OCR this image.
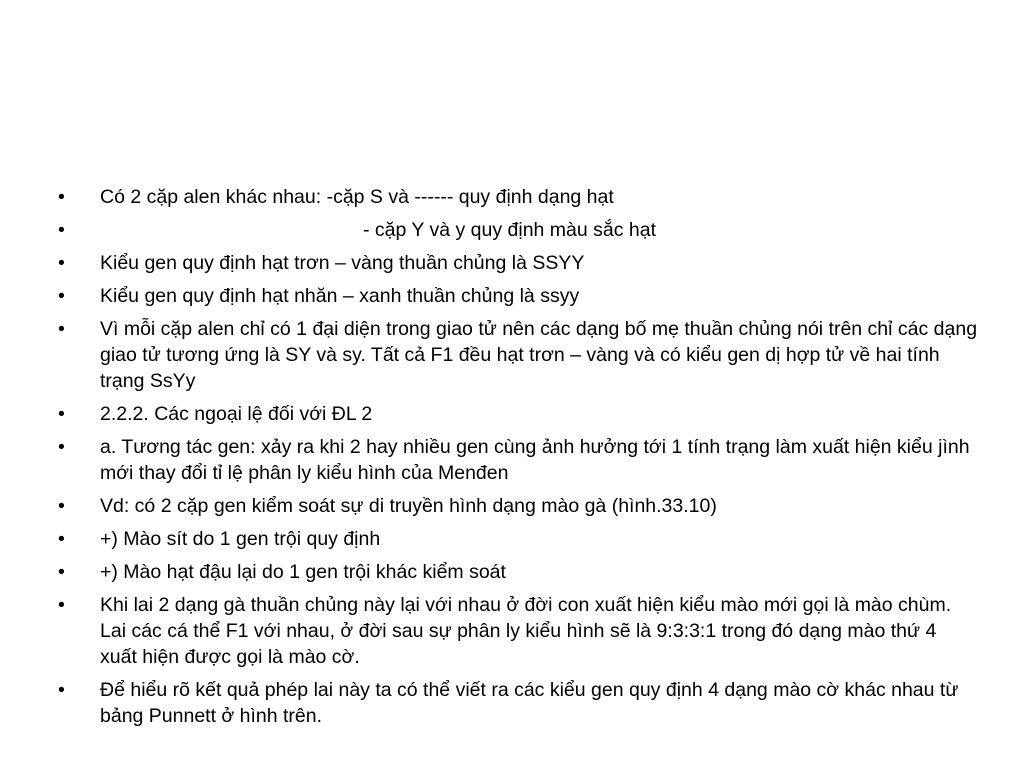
•	Có 2 cặp alen khác nhau: -cặp S và ------ quy định dạng hạt
•	- cặp Y và y quy định màu sắc hạt
•	Kiểu gen quy định hạt trơn – vàng thuần chủng là SSYY
•	Kiểu gen quy định hạt nhăn – xanh thuần chủng là ssyy
•	Vì mỗi cặp alen chỉ có 1 đại diện trong giao tử nên các dạng bố mẹ thuần chủng nói trên chỉ các dạng giao tử tương ứng là SY và sy. Tất cả F1 đều hạt trơn – vàng và có kiểu gen dị hợp tử về hai tính trạng SsYy
•	2.2.2. Các ngoại lệ đối với ĐL 2
•	a. Tương tác gen: xảy ra khi 2 hay nhiều gen cùng ảnh hưởng tới 1 tính trạng làm xuất hiện kiểu jình mới thay đổi tỉ lệ phân ly kiểu hình của Menđen
•	Vd: có 2 cặp gen kiểm soát sự di truyền hình dạng mào gà (hình.33.10)
•	+) Mào sít do 1 gen trội quy định
•	+) Mào hạt đậu lại do 1 gen trội khác kiểm soát
•	Khi lai 2 dạng gà thuần chủng này lại với nhau ở đời con xuất hiện kiểu mào mới gọi là mào chùm. Lai các cá thể F1 với nhau, ở đời sau sự phân ly kiểu hình sẽ là 9:3:3:1 trong đó dạng mào thứ 4 xuất hiện được gọi là mào cờ.
•	Để hiểu rõ kết quả phép lai này ta có thể viết ra các kiểu gen quy định 4 dạng mào cờ khác nhau từ bảng Punnett ở hình trên.
